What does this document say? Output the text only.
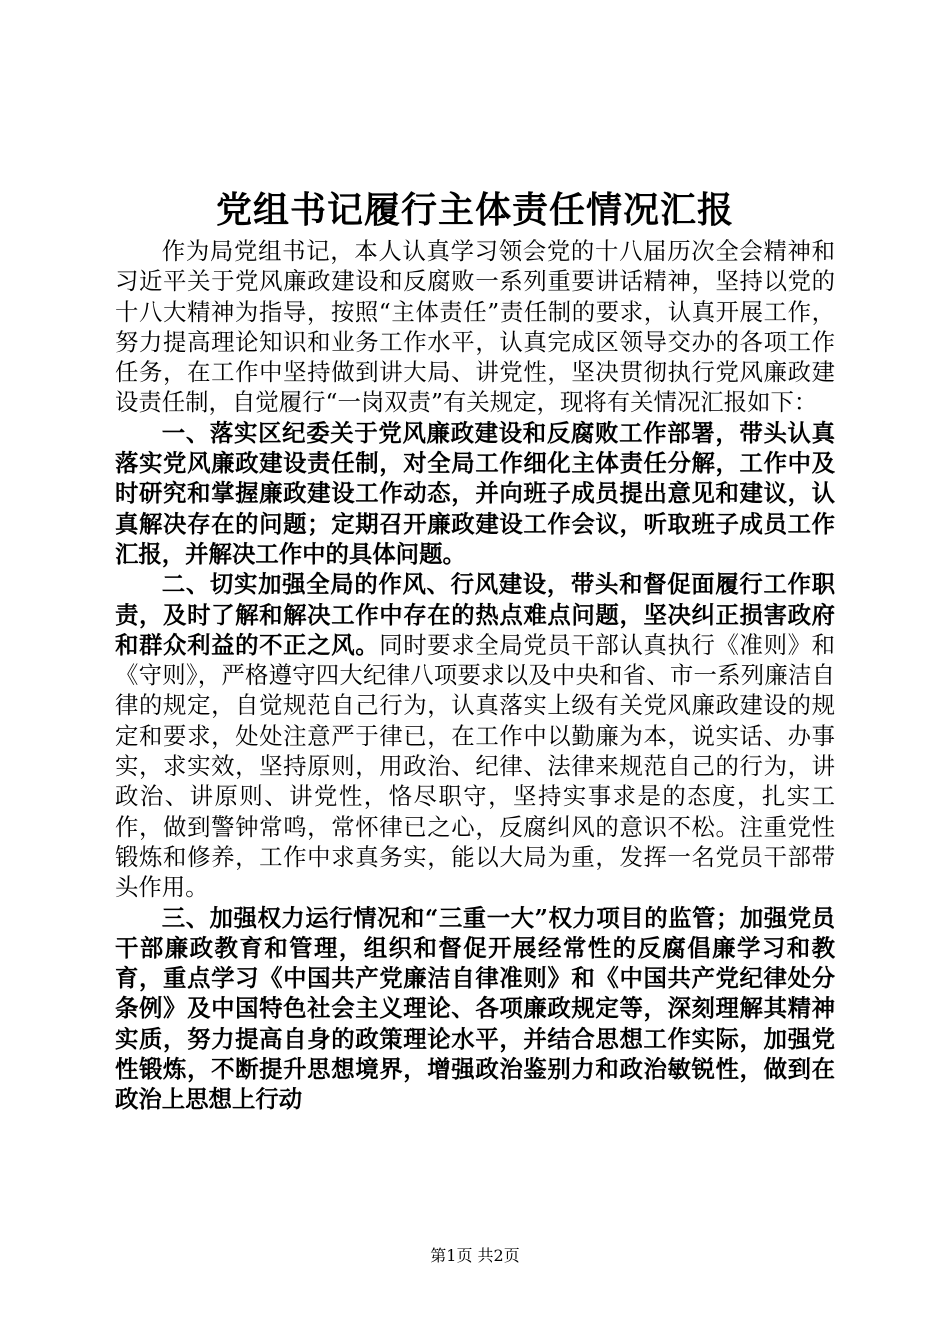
党组书记履行主体责任情况汇报

作为局党组书记，本人认真学习领会党的十八届历次全会精神和习近平关于党风廉政建设和反腐败一系列重要讲话精神，坚持以党的十八大精神为指导，按照“主体责任”责任制的要求，认真开展工作，努力提高理论知识和业务工作水平，认真完成区领导交办的各项工作任务，在工作中坚持做到讲大局、讲党性，坚决贯彻执行党风廉政建设责任制，自觉履行“一岗双责”有关规定，现将有关情况汇报如下：

一、落实区纪委关于党风廉政建设和反腐败工作部署，带头认真落实党风廉政建设责任制，对全局工作细化主体责任分解，工作中及时研究和掌握廉政建设工作动态，并向班子成员提出意见和建议，认真解决存在的问题；定期召开廉政建设工作会议，听取班子成员工作汇报，并解决工作中的具体问题。

二、切实加强全局的作风、行风建设，带头和督促面履行工作职责，及时了解和解决工作中存在的热点难点问题，坚决纠正损害政府和群众利益的不正之风。同时要求全局党员干部认真执行《准则》和《守则》，严格遵守四大纪律八项要求以及中央和省、市一系列廉洁自律的规定，自觉规范自己行为，认真落实上级有关党风廉政建设的规定和要求，处处注意严于律已，在工作中以勤廉为本，说实话、办事实，求实效，坚持原则，用政治、纪律、法律来规范自己的行为，讲政治、讲原则、讲党性，恪尽职守，坚持实事求是的态度，扎实工作，做到警钟常鸣，常怀律已之心，反腐纠风的意识不松。注重党性锻炼和修养，工作中求真务实，能以大局为重，发挥一名党员干部带头作用。

三、加强权力运行情况和“三重一大”权力项目的监管；加强党员干部廉政教育和管理，组织和督促开展经常性的反腐倡廉学习和教育，重点学习《中国共产党廉洁自律准则》和《中国共产党纪律处分条例》及中国特色社会主义理论、各项廉政规定等，深刻理解其精神实质，努力提高自身的政策理论水平，并结合思想工作实际，加强党性锻炼，不断提升思想境界，增强政治鉴别力和政治敏锐性，做到在政治上思想上行动

第1页 共2页
